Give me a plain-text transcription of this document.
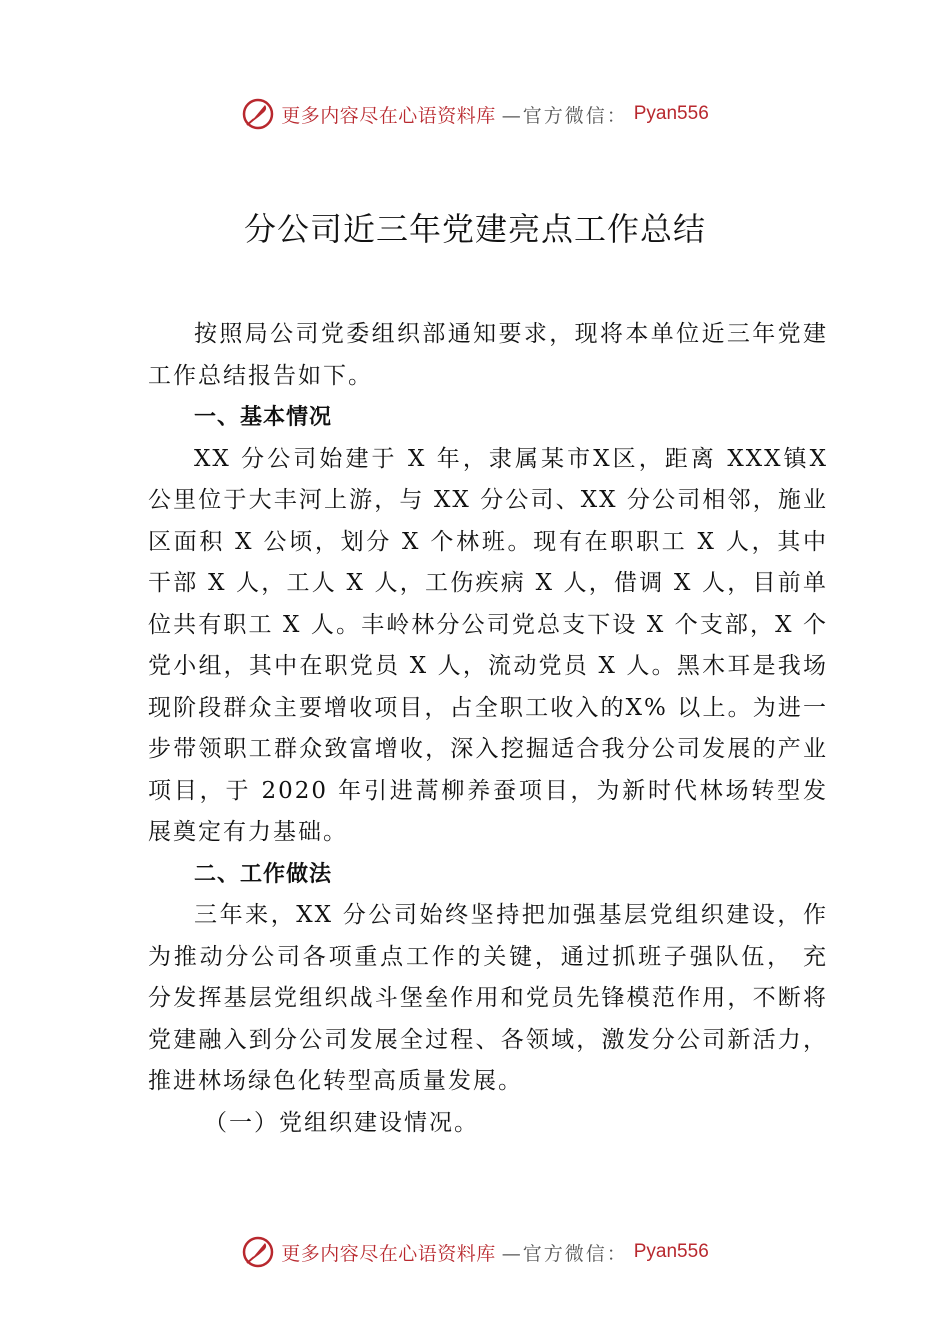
更多内容尽在心语资料库 —官方微信： Pyan556
分公司近三年党建亮点工作总结

按照局公司党委组织部通知要求，现将本单位近三年党建工作总结报告如下。

一、基本情况

XX 分公司始建于 X 年，隶属某市X区，距离 XXX镇X 公里位于大丰河上游，与 XX 分公司、XX 分公司相邻，施业区面积 X 公顷，划分 X 个林班。现有在职职工 X 人，其中干部 X 人，工人 X 人，工伤疾病 X 人，借调 X 人，目前单位共有职工 X 人。丰岭林分公司党总支下设 X 个支部，X 个党小组，其中在职党员 X 人，流动党员 X 人。黑木耳是我场现阶段群众主要增收项目，占全职工收入的X% 以上。为进一步带领职工群众致富增收，深入挖掘适合我分公司发展的产业项目，于 2020 年引进蒿柳养蚕项目，为新时代林场转型发展奠定有力基础。

二、工作做法

三年来，XX 分公司始终坚持把加强基层党组织建设，作为推动分公司各项重点工作的关键，通过抓班子强队伍， 充分发挥基层党组织战斗堡垒作用和党员先锋模范作用，不断将党建融入到分公司发展全过程、各领域，激发分公司新活力，推进林场绿色化转型高质量发展。

（一）党组织建设情况。

更多内容尽在心语资料库 —官方微信： Pyan556
